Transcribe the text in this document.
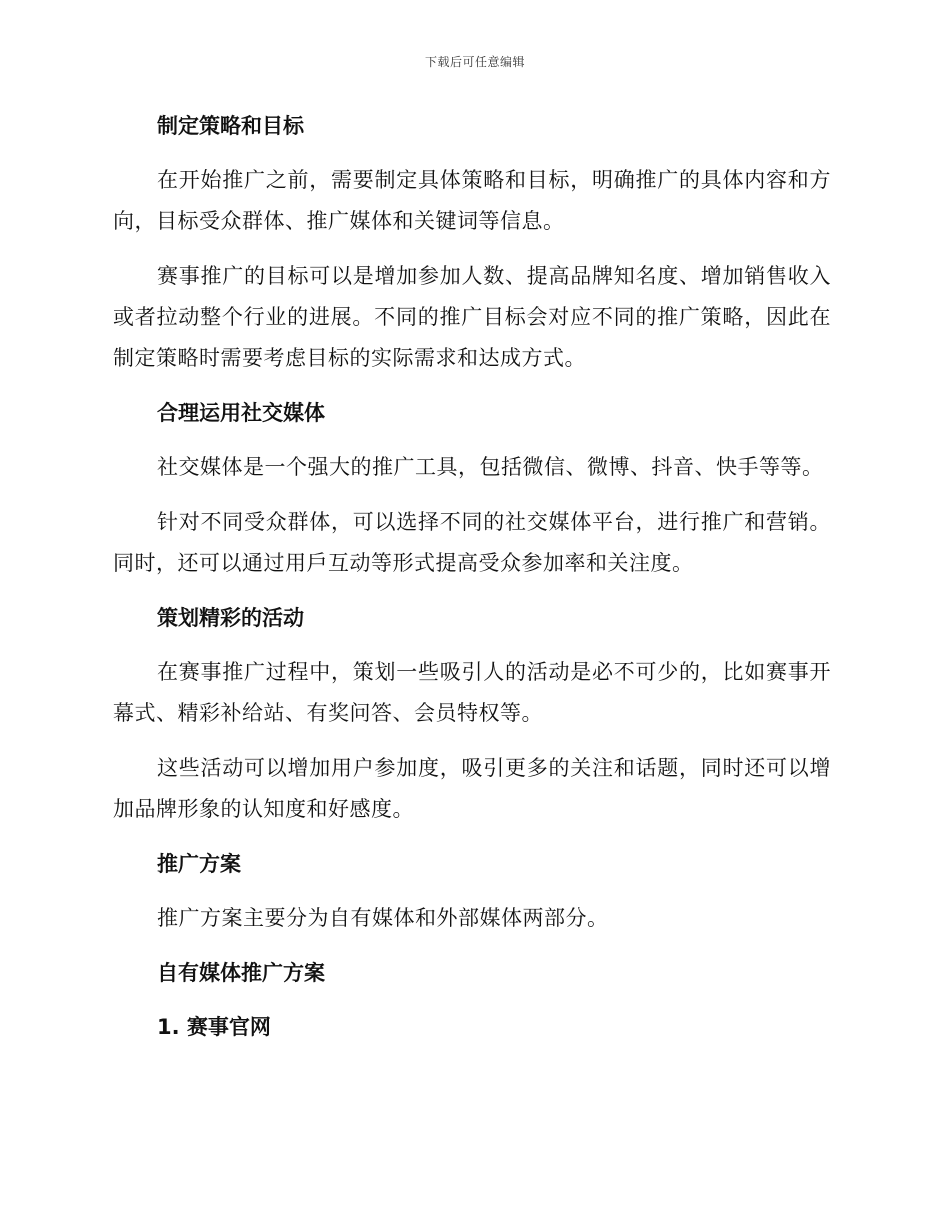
下载后可任意编辑
制定策略和目标

在开始推广之前，需要制定具体策略和目标，明确推广的具体内容和方向，目标受众群体、推广媒体和关键词等信息。

赛事推广的目标可以是增加参加人数、提高品牌知名度、增加销售收入或者拉动整个行业的进展。不同的推广目标会对应不同的推广策略，因此在制定策略时需要考虑目标的实际需求和达成方式。

合理运用社交媒体

社交媒体是一个强大的推广工具，包括微信、微博、抖音、快手等等。

针对不同受众群体，可以选择不同的社交媒体平台，进行推广和营销。同时，还可以通过用戶互动等形式提高受众参加率和关注度。

策划精彩的活动

在赛事推广过程中，策划一些吸引人的活动是必不可少的，比如赛事开幕式、精彩补给站、有奖问答、会员特权等。

这些活动可以增加用户参加度，吸引更多的关注和话题，同时还可以增加品牌形象的认知度和好感度。

推广方案

推广方案主要分为自有媒体和外部媒体两部分。

自有媒体推广方案
1. 赛事官网
